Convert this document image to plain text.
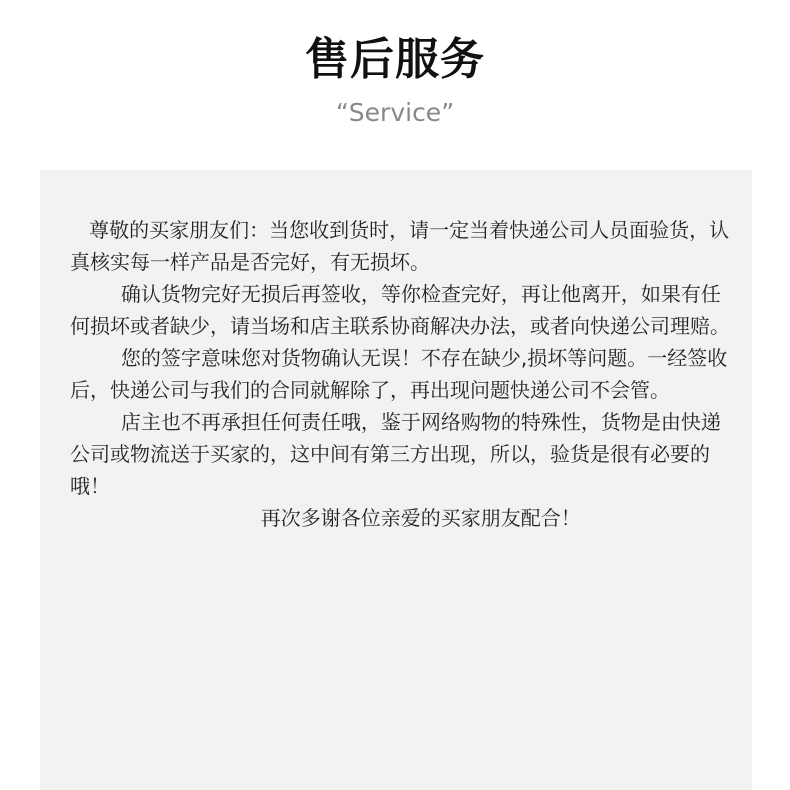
售后服务
“Service”

尊敬的买家朋友们：当您收到货时，请一定当着快递公司人员面验货，认真核实每一样产品是否完好，有无损坏。

确认货物完好无损后再签收，等你检查完好，再让他离开，如果有任何损坏或者缺少，请当场和店主联系协商解决办法，或者向快递公司理赔。

您的签字意味您对货物确认无误！不存在缺少,损坏等问题。一经签收后，快递公司与我们的合同就解除了，再出现问题快递公司不会管。

店主也不再承担任何责任哦，鉴于网络购物的特殊性，货物是由快递公司或物流送于买家的，这中间有第三方出现，所以，验货是很有必要的哦！

再次多谢各位亲爱的买家朋友配合！
